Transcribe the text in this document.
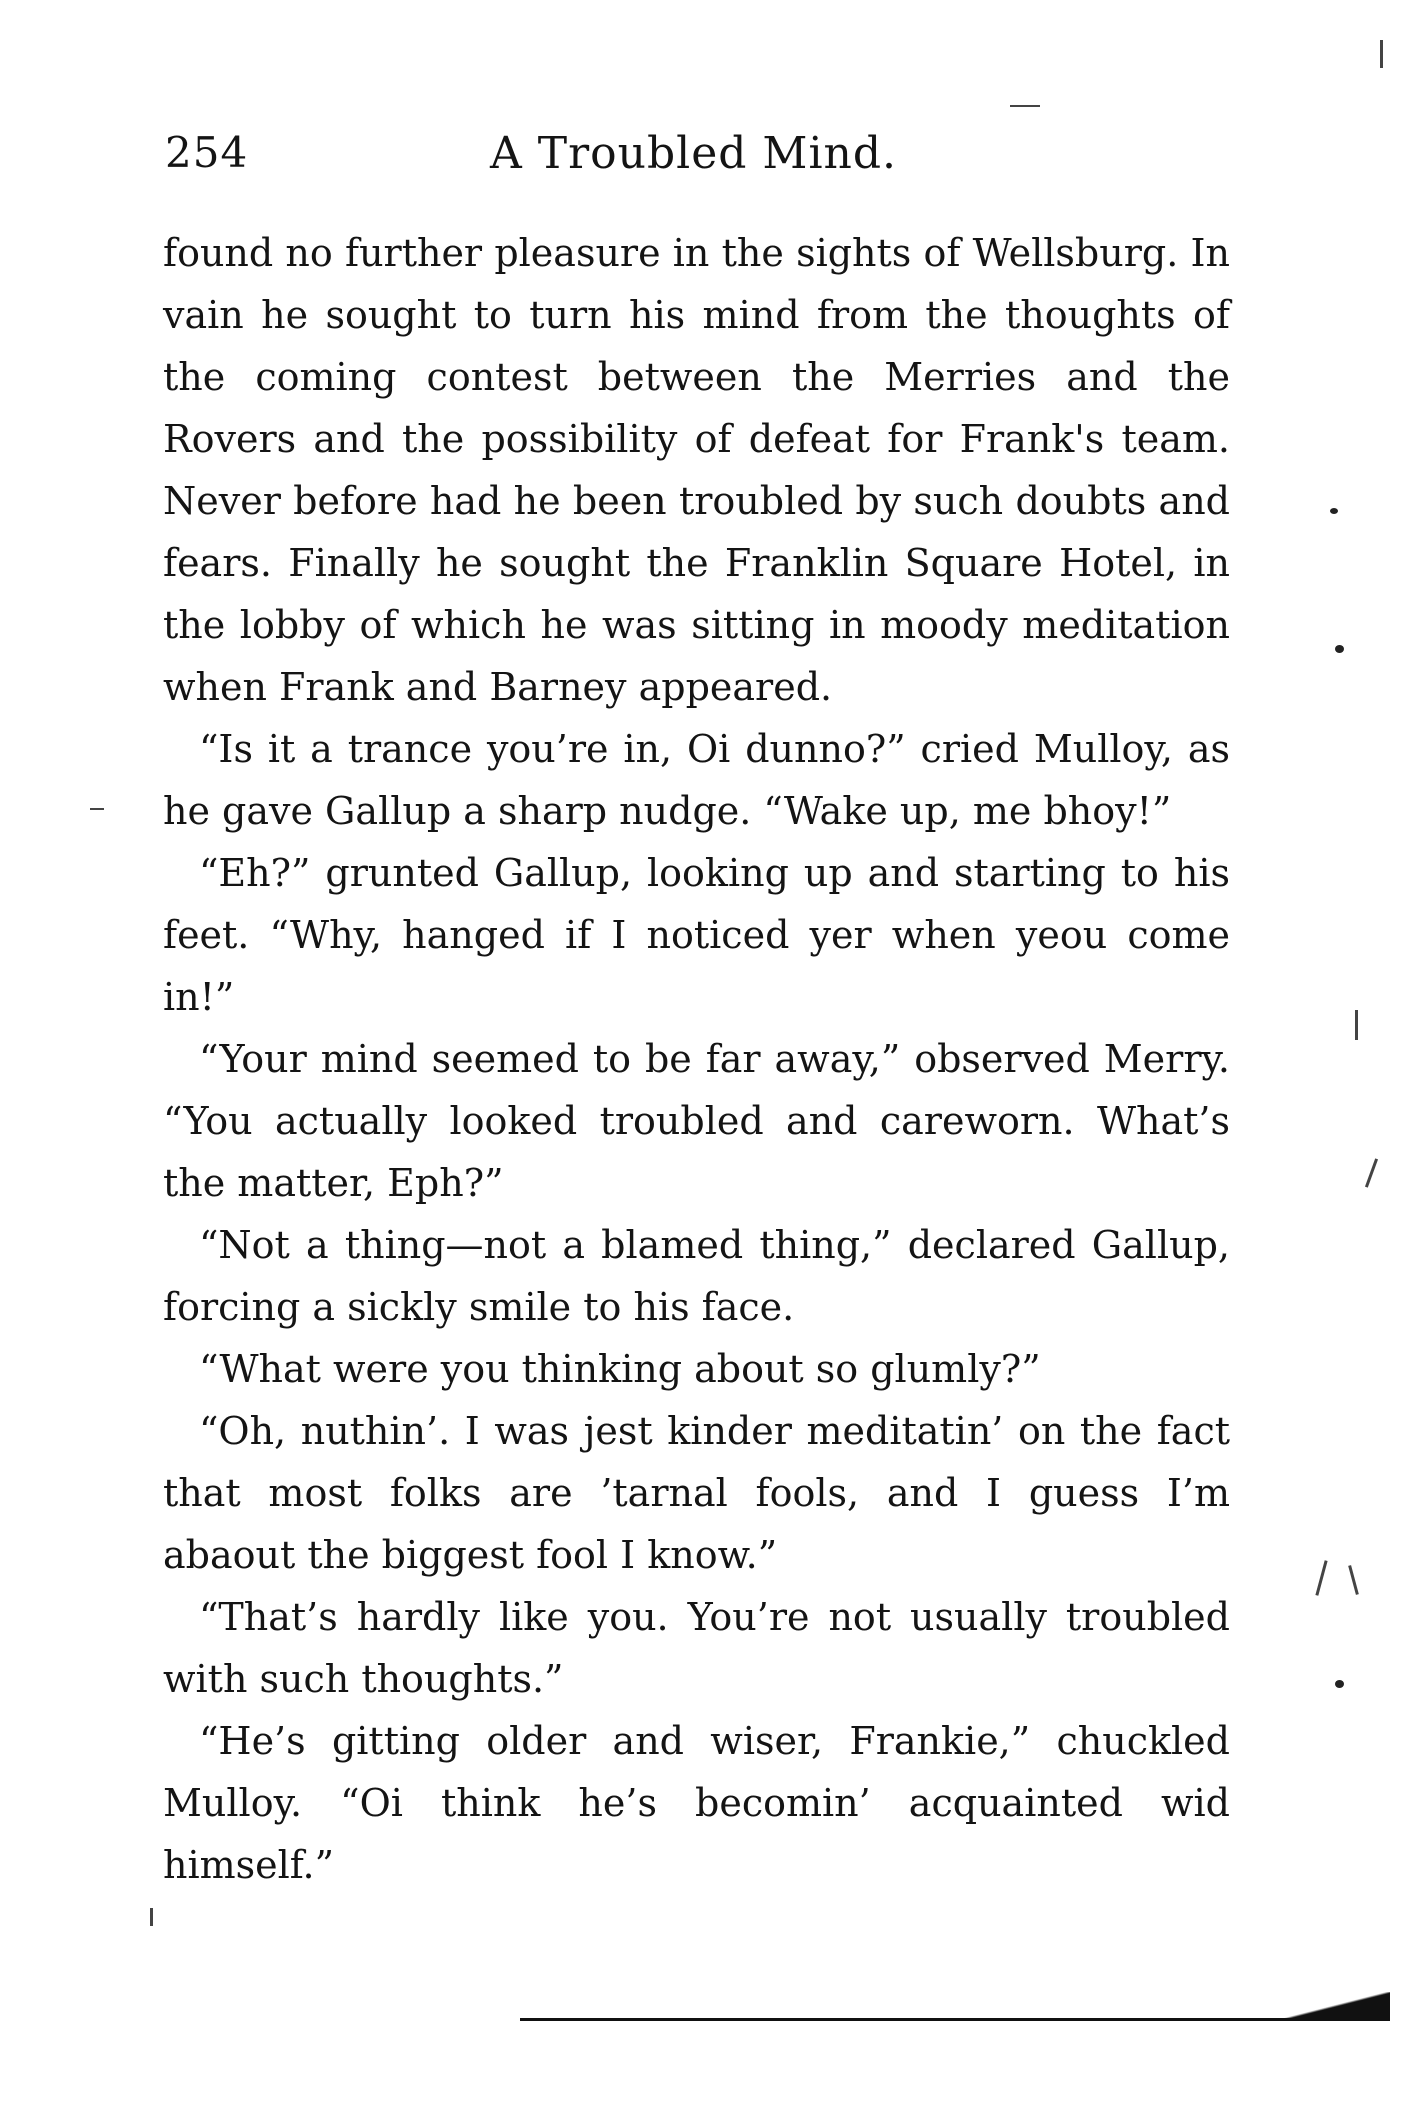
254	A Troubled Mind.

found no further pleasure in the sights of Wellsburg. In vain he sought to turn his mind from the thoughts of the coming contest between the Merries and the Rovers and the possibility of defeat for Frank's team. Never before had he been troubled by such doubts and fears. Finally he sought the Franklin Square Hotel, in the lobby of which he was sitting in moody meditation when Frank and Barney appeared.

“Is it a trance you’re in, Oi dunno?” cried Mulloy, as he gave Gallup a sharp nudge. “Wake up, me bhoy!”

“Eh?” grunted Gallup, looking up and starting to his feet. “Why, hanged if I noticed yer when yeou come in!”

“Your mind seemed to be far away,” observed Merry. “You actually looked troubled and careworn. What’s the matter, Eph?”

“Not a thing—not a blamed thing,” declared Gallup, forcing a sickly smile to his face.

“What were you thinking about so glumly?”

“Oh, nuthin’. I was jest kinder meditatin’ on the fact that most folks are ’tarnal fools, and I guess I’m abaout the biggest fool I know.”

“That’s hardly like you. You’re not usually troubled with such thoughts.”

“He’s gitting older and wiser, Frankie,” chuckled Mulloy. “Oi think he’s becomin’ acquainted wid himself.”
